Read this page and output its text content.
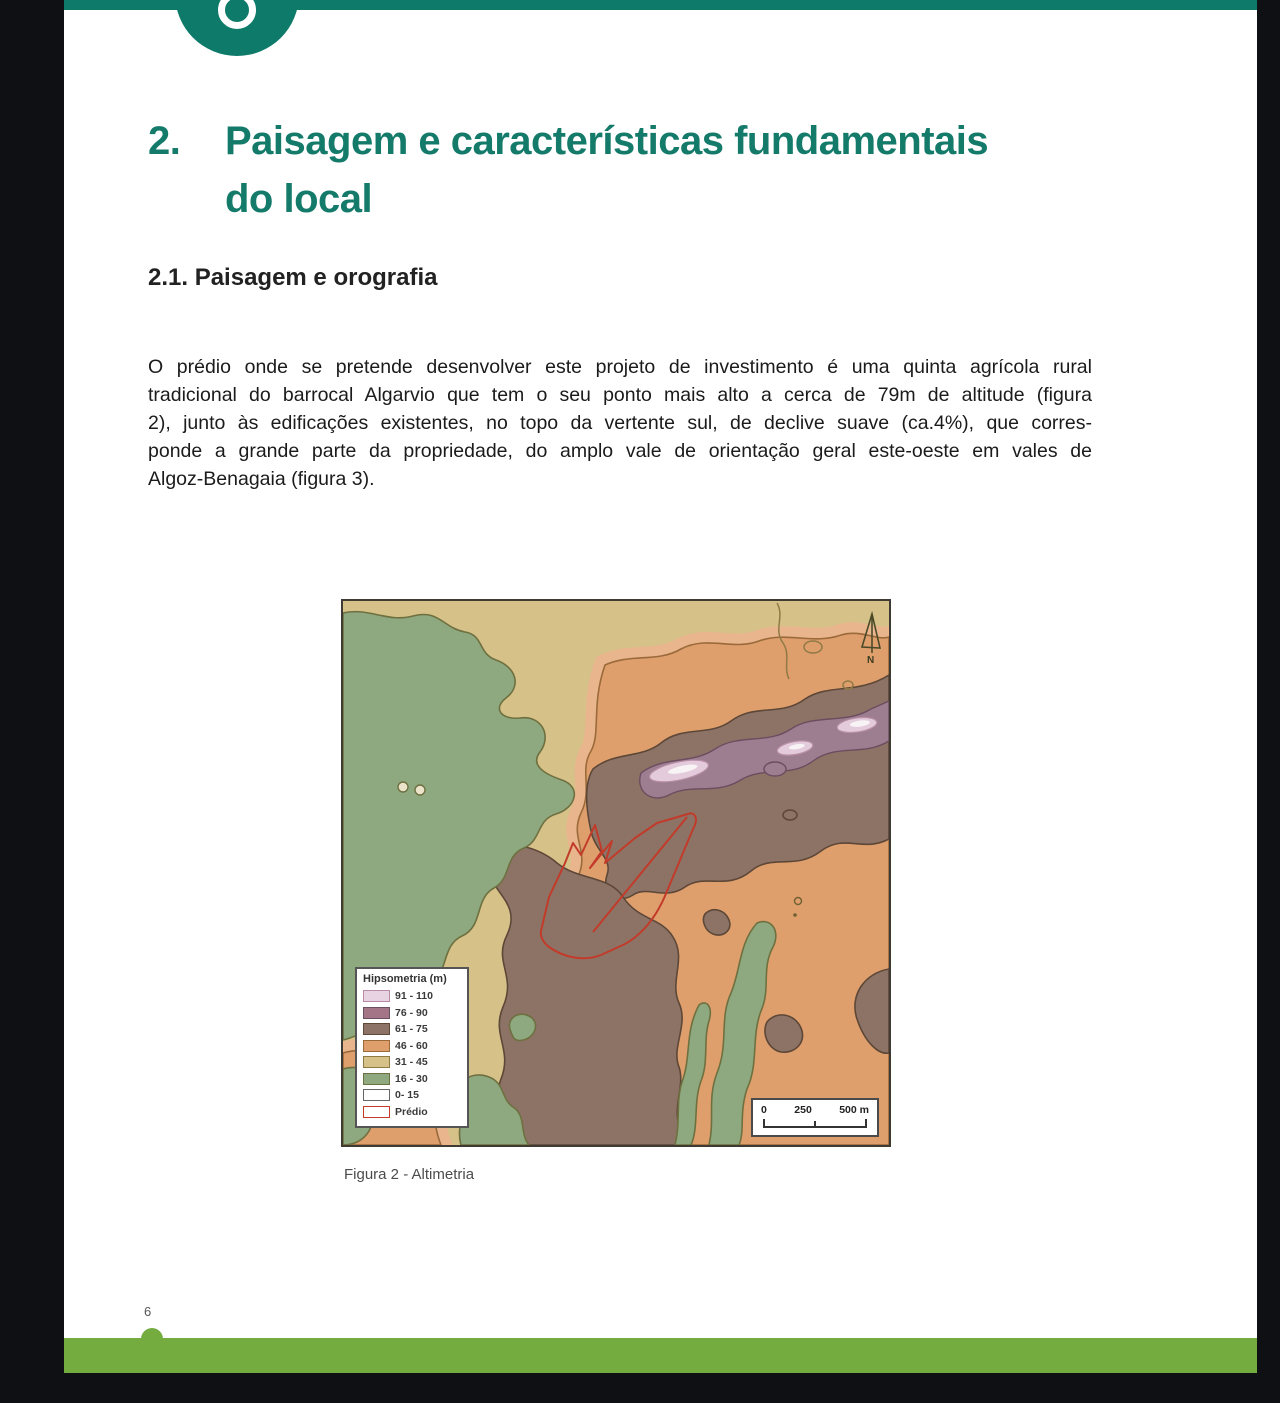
2.	Paisagem e características fundamentais
do local
2.1. Paisagem e orografia
O prédio onde se pretende desenvolver este projeto de investimento é uma quinta agrícola rural
tradicional do barrocal Algarvio que tem o seu ponto mais alto a cerca de 79m de altitude (figura
2), junto às edificações existentes, no topo da vertente sul, de declive suave (ca.4%), que corres-
ponde a grande parte da propriedade, do amplo vale de orientação geral este-oeste em vales de
Algoz-Benagaia (figura 3).
N
Hipsometria (m)
91 - 110
76 - 90
61 - 75
46 - 60
31 - 45
16 - 30
0- 15
Prédio	0	250	500 m
Figura 2 - Altimetria
6
